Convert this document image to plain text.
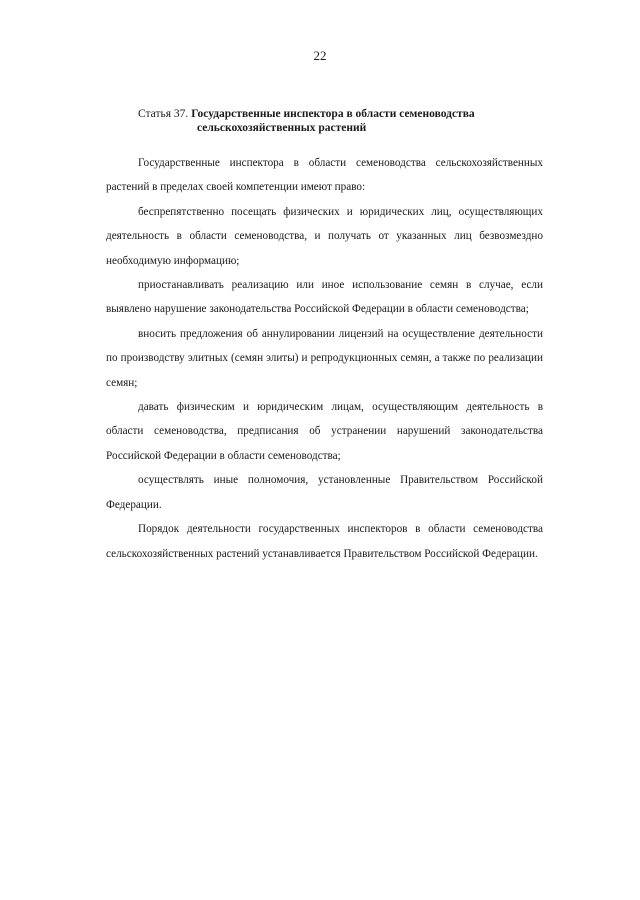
22
Статья 37. Государственные инспектора в области семеноводства
сельскохозяйственных растений

Государственные инспектора в области семеноводства сельскохозяйственных растений в пределах своей компетенции имеют право:

беспрепятственно посещать физических и юридических лиц, осуществляющих деятельность в области семеноводства, и получать от указанных лиц безвозмездно необходимую информацию;

приостанавливать реализацию или иное использование семян в случае, если выявлено нарушение законодательства Российской Федерации в области семеноводства;

вносить предложения об аннулировании лицензий на осуществление деятельности по производству элитных (семян элиты) и репродукционных семян, а также по реализации семян;

давать физическим и юридическим лицам, осуществляющим деятельность в области семеноводства, предписания об устранении нарушений законодательства Российской Федерации в области семеноводства;

осуществлять иные полномочия, установленные Правительством Российской Федерации.

Порядок деятельности государственных инспекторов в области семеноводства сельскохозяйственных растений устанавливается Правительством Российской Федерации.
